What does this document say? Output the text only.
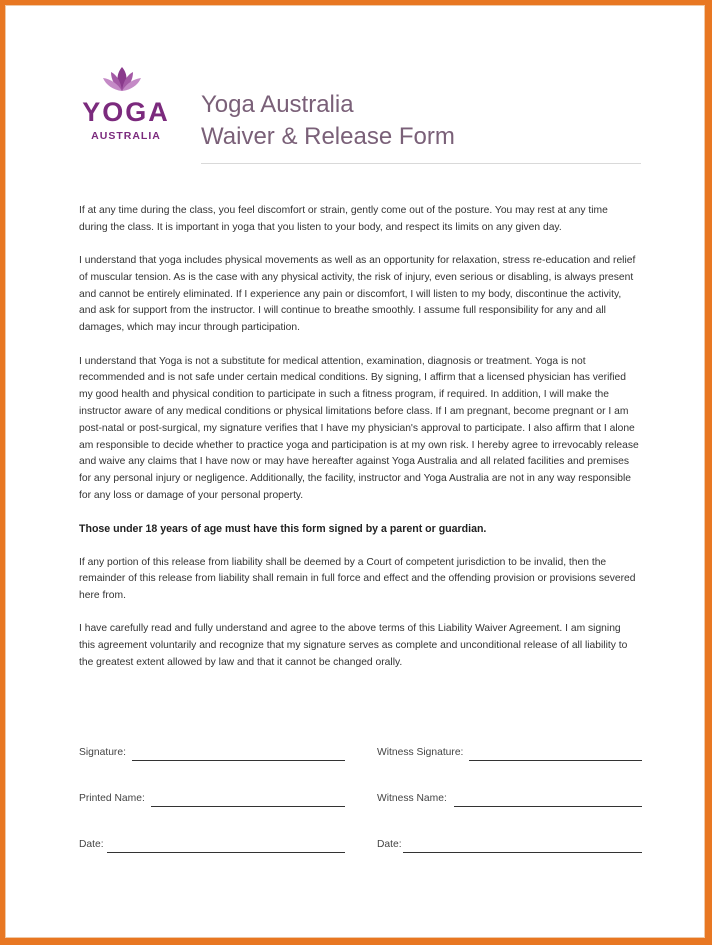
YOGA
AUSTRALIA
Yoga Australia
Waiver & Release Form

If at any time during the class, you feel discomfort or strain, gently come out of the posture. You may rest at any time during the class. It is important in yoga that you listen to your body, and respect its limits on any given day.

I understand that yoga includes physical movements as well as an opportunity for relaxation, stress re-education and relief of muscular tension. As is the case with any physical activity, the risk of injury, even serious or disabling, is always present and cannot be entirely eliminated. If I experience any pain or discomfort, I will listen to my body, discontinue the activity, and ask for support from the instructor. I will continue to breathe smoothly. I assume full responsibility for any and all damages, which may incur through participation.

I understand that Yoga is not a substitute for medical attention, examination, diagnosis or treatment. Yoga is not recommended and is not safe under certain medical conditions. By signing, I affirm that a licensed physician has verified my good health and physical condition to participate in such a fitness program, if required. In addition, I will make the instructor aware of any medical conditions or physical limitations before class. If I am pregnant, become pregnant or I am post-natal or post-surgical, my signature verifies that I have my physician's approval to participate. I also affirm that I alone am responsible to decide whether to practice yoga and participation is at my own risk. I hereby agree to irrevocably release and waive any claims that I have now or may have hereafter against Yoga Australia and all related facilities and premises for any personal injury or negligence. Additionally, the facility, instructor and Yoga Australia are not in any way responsible for any loss or damage of your personal property.

Those under 18 years of age must have this form signed by a parent or guardian.

If any portion of this release from liability shall be deemed by a Court of competent jurisdiction to be invalid, then the remainder of this release from liability shall remain in full force and effect and the offending provision or provisions severed here from.

I have carefully read and fully understand and agree to the above terms of this Liability Waiver Agreement. I am signing this agreement voluntarily and recognize that my signature serves as complete and unconditional release of all liability to the greatest extent allowed by law and that it cannot be changed orally.

Signature:	Witness Signature:
Printed Name:	Witness Name:
Date:	Date:
